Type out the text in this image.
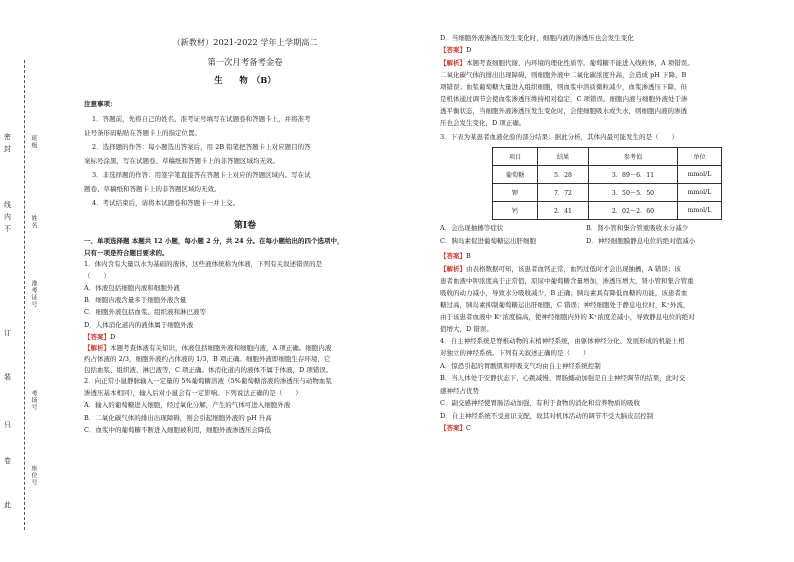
密
封
线
内
不
订
装
只
卷
此
班级
姓名
准考证号
考场号
座位号
（新教材）2021-2022 学年上学期高二
第一次月考备考金卷
生　　物　（B）
注意事项：
1．答题前，先将自己的姓名、准考证号填写在试题卷和答题卡上，并将准考
证号条形码粘贴在答题卡上的指定位置。
2．选择题的作答：每小题选出答案后，用 2B 铅笔把答题卡上对应题目的答
案标号涂黑，写在试题卷、草稿纸和答题卡上的非答题区域均无效。
3．非选择题的作答：用签字笔直接答在答题卡上对应的答题区域内。写在试
题卷、草稿纸和答题卡上的非答题区域均无效。
4．考试结束后，请将本试题卷和答题卡一并上交。
第Ⅰ卷
一、单项选择题 本题共 12 小题，每小题 2 分，共 24 分。在每小题给出的四个选项中，
只有一项是符合题目要求的。
1．体内含有大量以水为基础的液体，这些液体统称为体液，下列有关叙述错误的是
（　　）
A．体液包括细胞内液和细胞外液
B．细胞内液含量多于细胞外液含量
C．细胞外液包括血浆、组织液和淋巴液等
D．人体消化道内的液体属于细胞外液
【答案】D
【解析】本题考查体液有关知识，体液包括细胞外液和细胞内液，A 项正确。细胞内液
约占体液的 2/3，细胞外液约占体液的 1/3，B 项正确。细胞外液即细胞生存环境，它
包括血浆、组织液、淋巴液等，C 项正确。体消化道内的液体不属于体液，D 项错误。
2．向正常小鼠静脉输入一定量的 5%葡萄糖溶液（5%葡萄糖溶液的渗透压与动物血浆
渗透压基本相同），输入后对小鼠会有一定影响。下列说法正确的是（　　）
A．输入的葡萄糖进入细胞，经过氧化分解，产生的气体可进入细胞外液
B．二氧化碳气体的排出出现障碍，则会引起细胞外液的 pH 升高
C．血浆中的葡萄糖不断进入细胞被利用，细胞外液渗透压会降低
D．当细胞外液渗透压发生变化时，细胞内液的渗透压也会发生变化
【答案】D
【解析】本题考查细胞代谢、内环境的理化性质等。葡萄糖不能进入线粒体，A 项错误。
二氧化碳气体的排出出现障碍，则细胞外液中二氧化碳浓度升高，会造成 pH 下降，B
项错误；血浆葡萄糖大量进入组织细胞，则血浆中溶质微粒减少，血浆渗透压下降，但
是机体通过调节会使血浆渗透压维持相对稳定，C 项错误。细胞内液与细胞外液处于渗
透平衡状态，当细胞外液渗透压发生变化时，会使细胞吸水或失水，则细胞内液的渗透
压也会发生变化，D 项正确。
3．下表为某患者血液化验的部分结果：据此分析，其体内最可能发生的是（　　）
项目	结果	参考值	单位
葡萄糖	5．28	3．89～6．11	mmol/L
钾	7．72	3．50～5．50	mmol/L
钙	2．41	2．02～2．60	mmol/L
A．会出现抽搐等症状	B．肾小管和集合管重吸收水分减少
C．胰岛素促进葡萄糖运出肝细胞	D．神经细胞膜静息电位的绝对值减小
【答案】B
【解析】由表格数据可知，该患者血钙正常，血钙过低时才会出现抽搐，A 错误；该
患者血液中钾浓度高于正常值，原尿中葡萄糖含量增加，渗透压增大，肾小管和集合管重
吸收的动力减小，导致水分吸收减少，B 正确；胰岛素具有降低血糖的功能，该患者血
糖过高，胰岛素抑制葡萄糖运出肝细胞，C 错误；神经细胞处于静息电位时，K⁺外流，
由于该患者血液中 K⁺浓度偏高，使神经细胞内外的 K⁺浓度差减小，导致静息电位的绝对
值增大，D 错误。
4．自主神经系统是脊椎动物的末梢神经系统，由躯体神经分化、发展形成的机能上相
对独立的神经系统。下列有关叙述正确的是（　　）
A．惊恐引起的胃酸肌和呼吸支气均由自主神经系统控制
B．当人体处于安静状态下，心跳减慢、胃肠蠕动加强是自主神经调节的结果，此时交
感神经占优势
C．副交感神经使胃肠活动加强，有利于食物的消化和营养物质的吸收
D．自主神经系统不受意识支配，故其对机体活动的调节不受大脑皮层控制
【答案】C
